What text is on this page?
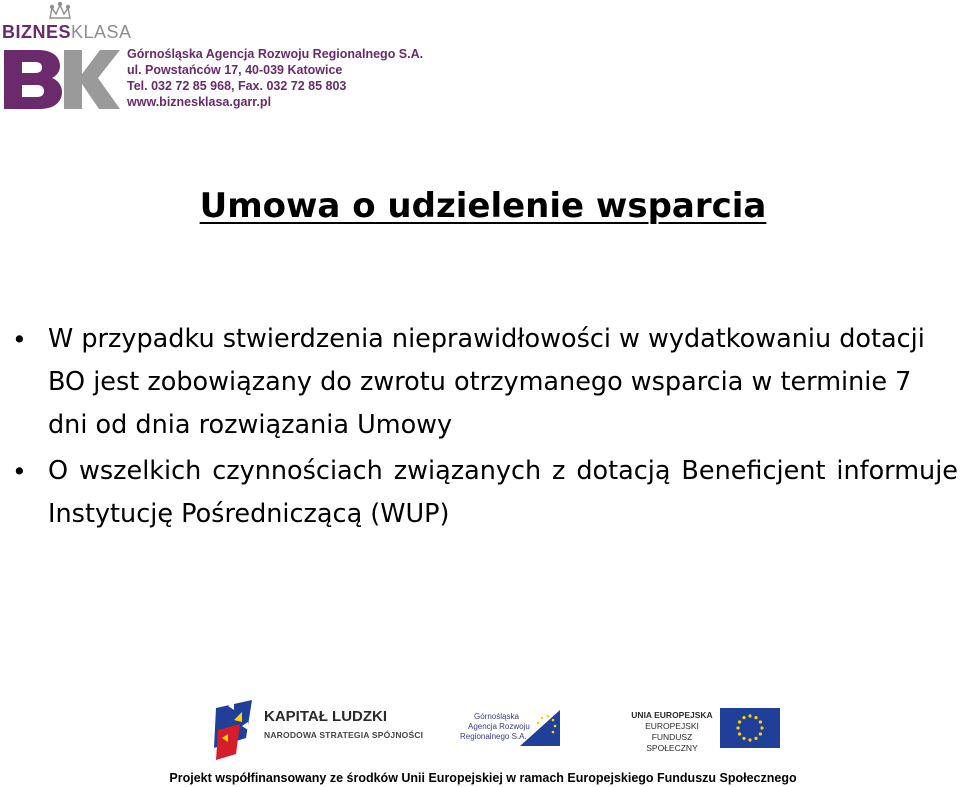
BIZNESKLASA
Górnośląska Agencja Rozwoju Regionalnego S.A.
ul. Powstańców 17, 40-039 Katowice
Tel. 032 72 85 968, Fax. 032 72 85 803
www.biznesklasa.garr.pl
Umowa o udzielenie wsparcia
• W przypadku stwierdzenia nieprawidłowości w wydatkowaniu dotacji BO jest zobowiązany do zwrotu otrzymanego wsparcia w terminie 7 dni od dnia rozwiązania Umowy
• O wszelkich czynnościach związanych z dotacją Beneficjent informuje Instytucję Pośredniczącą (WUP)
KAPITAŁ LUDZKI
NARODOWA STRATEGIA SPÓJNOŚCI
Górnośląska
Agencja Rozwoju
Regionalnego S.A.
UNIA EUROPEJSKA
EUROPEJSKI
FUNDUSZ SPOŁECZNY
Projekt współfinansowany ze środków Unii Europejskiej w ramach Europejskiego Funduszu Społecznego
